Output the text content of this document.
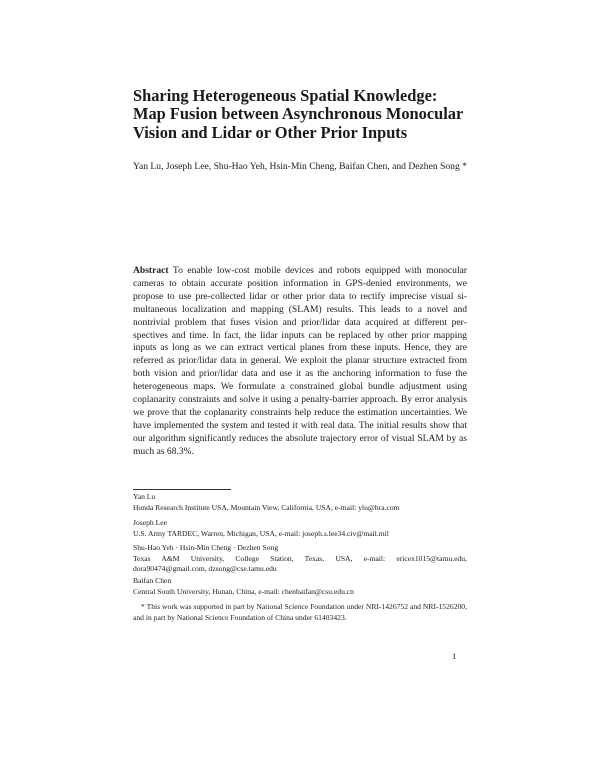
Sharing Heterogeneous Spatial Knowledge: Map Fusion between Asynchronous Monocular Vision and Lidar or Other Prior Inputs
Yan Lu, Joseph Lee, Shu-Hao Yeh, Hsin-Min Cheng, Baifan Chen, and Dezhen Song *
Abstract To enable low-cost mobile devices and robots equipped with monocular cameras to obtain accurate position information in GPS-denied environments, we propose to use pre-collected lidar or other prior data to rectify imprecise visual simultaneous localization and mapping (SLAM) results. This leads to a novel and nontrivial problem that fuses vision and prior/lidar data acquired at different perspectives and time. In fact, the lidar inputs can be replaced by other prior mapping inputs as long as we can extract vertical planes from these inputs. Hence, they are referred as prior/lidar data in general. We exploit the planar structure extracted from both vision and prior/lidar data and use it as the anchoring information to fuse the heterogeneous maps. We formulate a constrained global bundle adjustment using coplanarity constraints and solve it using a penalty-barrier approach. By error analysis we prove that the coplanarity constraints help reduce the estimation uncertainties. We have implemented the system and tested it with real data. The initial results show that our algorithm significantly reduces the absolute trajectory error of visual SLAM by as much as 68.3%.
Yan Lu
Honda Research Institute USA, Mountain View, California, USA, e-mail: ylu@hra.com
Joseph Lee
U.S. Army TARDEC, Warren, Michigan, USA, e-mail: joseph.s.lee34.civ@mail.mil
Shu-Hao Yeh · Hsin-Min Cheng · Dezhen Song
Texas A&M University, College Station, Texas, USA, e-mail: ericex1015@tamu.edu, dora90474@gmail.com, dzsong@cse.tamu.edu
Baifan Chen
Central South University, Hunan, China, e-mail: chenbaifan@csu.edu.cn
* This work was supported in part by National Science Foundation under NRI-1426752 and NRI-1526200, and in part by National Science Foundation of China under 61403423.
1
